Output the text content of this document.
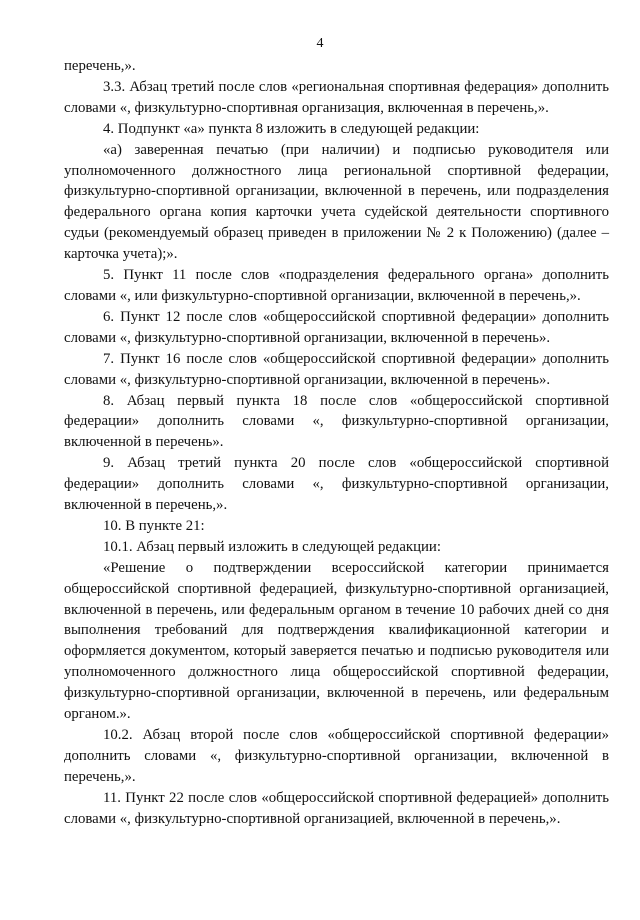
4

перечень,».

3.3. Абзац третий после слов «региональная спортивная федерация» дополнить словами «, физкультурно-спортивная организация, включенная в перечень,».

4. Подпункт «а» пункта 8 изложить в следующей редакции:

«а) заверенная печатью (при наличии) и подписью руководителя или уполномоченного должностного лица региональной спортивной федерации, физкультурно-спортивной организации, включенной в перечень, или подразделения федерального органа копия карточки учета судейской деятельности спортивного судьи (рекомендуемый образец приведен в приложении № 2 к Положению) (далее – карточка учета);».

5. Пункт 11 после слов «подразделения федерального органа» дополнить словами «, или физкультурно-спортивной организации, включенной в перечень,».

6. Пункт 12 после слов «общероссийской спортивной федерации» дополнить словами «, физкультурно-спортивной организации, включенной в перечень».

7. Пункт 16 после слов «общероссийской спортивной федерации» дополнить словами «, физкультурно-спортивной организации, включенной в перечень».

8. Абзац первый пункта 18 после слов «общероссийской спортивной федерации» дополнить словами «, физкультурно-спортивной организации, включенной в перечень».

9. Абзац третий пункта 20 после слов «общероссийской спортивной федерации» дополнить словами «, физкультурно-спортивной организации, включенной в перечень,».

10. В пункте 21:

10.1. Абзац первый изложить в следующей редакции:

«Решение о подтверждении всероссийской категории принимается общероссийской спортивной федерацией, физкультурно-спортивной организацией, включенной в перечень, или федеральным органом в течение 10 рабочих дней со дня выполнения требований для подтверждения квалификационной категории и оформляется документом, который заверяется печатью и подписью руководителя или уполномоченного должностного лица общероссийской спортивной федерации, физкультурно-спортивной организации, включенной в перечень, или федеральным органом.».

10.2. Абзац второй после слов «общероссийской спортивной федерации» дополнить словами «, физкультурно-спортивной организации, включенной в перечень,».

11. Пункт 22 после слов «общероссийской спортивной федерацией» дополнить словами «, физкультурно-спортивной организацией, включенной в перечень,».
